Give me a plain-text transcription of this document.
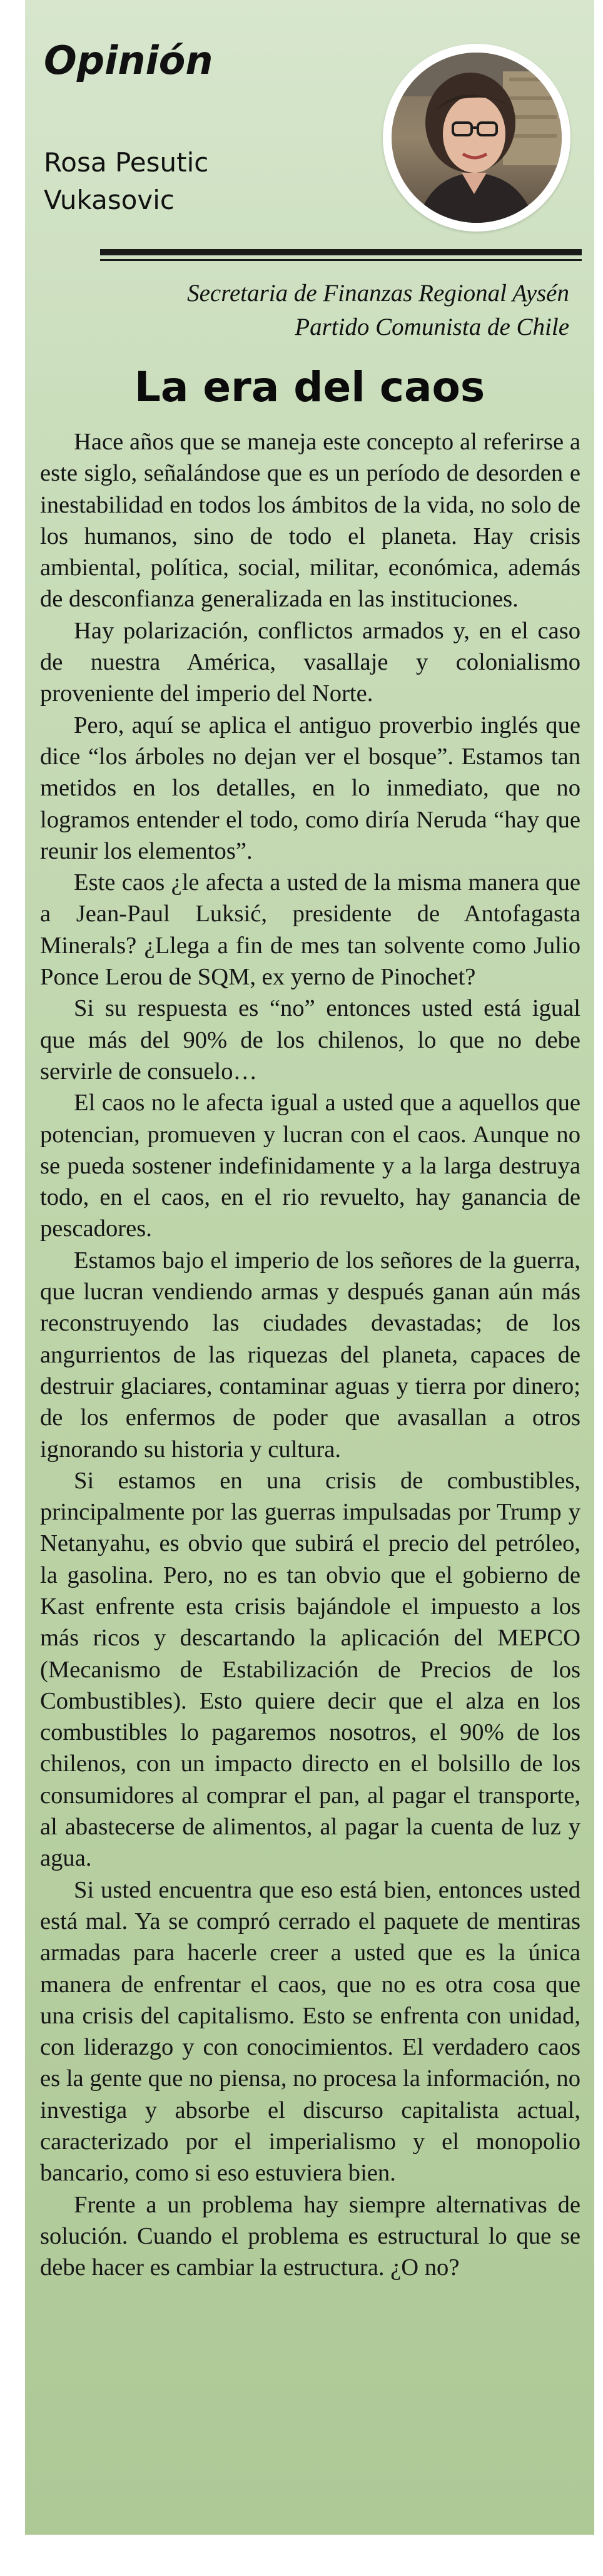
Opinión
Rosa Pesutic
Vukasovic
Secretaria de Finanzas Regional Aysén
Partido Comunista de Chile
La era del caos

Hace años que se maneja este concepto al referirse a este siglo, señalándose que es un período de desorden e inestabilidad en todos los ámbitos de la vida, no solo de los humanos, sino de todo el planeta. Hay crisis ambiental, política, social, militar, económica, además de desconfianza generalizada en las instituciones.

Hay polarización, conflictos armados y, en el caso de nuestra América, vasallaje y colonialismo proveniente del imperio del Norte.

Pero, aquí se aplica el antiguo proverbio inglés que dice “los árboles no dejan ver el bosque”. Estamos tan metidos en los detalles, en lo inmediato, que no logramos entender el todo, como diría Neruda “hay que reunir los elementos”.

Este caos ¿le afecta a usted de la misma manera que a Jean-Paul Luksić, presidente de Antofagasta Minerals? ¿Llega a fin de mes tan solvente como Julio Ponce Lerou de SQM, ex yerno de Pinochet?

Si su respuesta es “no” entonces usted está igual que más del 90% de los chilenos, lo que no debe servirle de consuelo…

El caos no le afecta igual a usted que a aquellos que potencian, promueven y lucran con el caos. Aunque no se pueda sostener indefinidamente y a la larga destruya todo, en el caos, en el rio revuelto, hay ganancia de pescadores.

Estamos bajo el imperio de los señores de la guerra, que lucran vendiendo armas y después ganan aún más reconstruyendo las ciudades devastadas; de los angurrientos de las riquezas del planeta, capaces de destruir glaciares, contaminar aguas y tierra por dinero; de los enfermos de poder que avasallan a otros ignorando su historia y cultura.

Si estamos en una crisis de combustibles, principalmente por las guerras impulsadas por Trump y Netanyahu, es obvio que subirá el precio del petróleo, la gasolina. Pero, no es tan obvio que el gobierno de Kast enfrente esta crisis bajándole el impuesto a los más ricos y descartando la aplicación del MEPCO (Mecanismo de Estabilización de Precios de los Combustibles). Esto quiere decir que el alza en los combustibles lo pagaremos nosotros, el 90% de los chilenos, con un impacto directo en el bolsillo de los consumidores al comprar el pan, al pagar el transporte, al abastecerse de alimentos, al pagar la cuenta de luz y agua.

Si usted encuentra que eso está bien, entonces usted está mal. Ya se compró cerrado el paquete de mentiras armadas para hacerle creer a usted que es la única manera de enfrentar el caos, que no es otra cosa que una crisis del capitalismo. Esto se enfrenta con unidad, con liderazgo y con conocimientos. El verdadero caos es la gente que no piensa, no procesa la información, no investiga y absorbe el discurso capitalista actual, caracterizado por el imperialismo y el monopolio bancario, como si eso estuviera bien.

Frente a un problema hay siempre alternativas de solución. Cuando el problema es estructural lo que se debe hacer es cambiar la estructura. ¿O no?
